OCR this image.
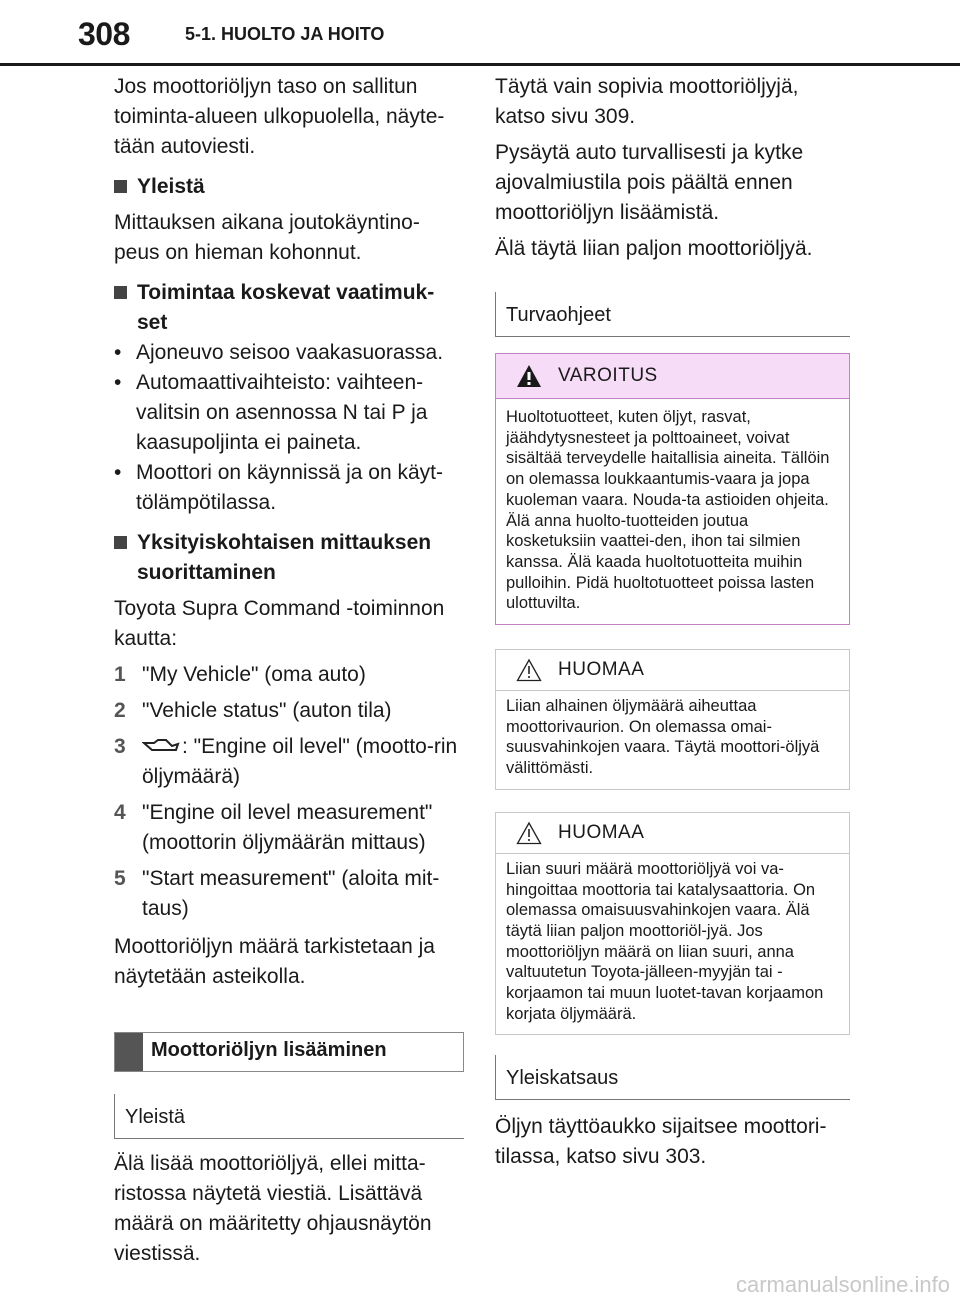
308	5-1. HUOLTO JA HOITO

Jos moottoriöljyn taso on sallitun toiminta-alueen ulkopuolella, näyte-tään autoviesti.

Yleistä

Mittauksen aikana joutokäyntino-peus on hieman kohonnut.

Toimintaa koskevat vaatimuk-set
• Ajoneuvo seisoo vaakasuorassa.
• Automaattivaihteisto: vaihteen-valitsin on asennossa N tai P ja kaasupoljinta ei paineta.
• Moottori on käynnissä ja on käyt-tölämpötilassa.
Yksityiskohtaisen mittauksen suorittaminen

Toyota Supra Command -toiminnon kautta:

1 "My Vehicle" (oma auto)
2 "Vehicle status" (auton tila)
3	: "Engine oil level" (mootto-rin öljymäärä)
4 "Engine oil level measurement" (moottorin öljymäärän mittaus)
5 "Start measurement" (aloita mit-taus)

Moottoriöljyn määrä tarkistetaan ja näytetään asteikolla.

Moottoriöljyn lisääminen
Yleistä

Älä lisää moottoriöljyä, ellei mitta-ristossa näytetä viestiä. Lisättävä määrä on määritetty ohjausnäytön viestissä.

Täytä vain sopivia moottoriöljyjä, katso sivu 309.

Pysäytä auto turvallisesti ja kytke ajovalmiustila pois päältä ennen moottoriöljyn lisäämistä.

Älä täytä liian paljon moottoriöljyä.

Turvaohjeet
VAROITUS
Huoltotuotteet, kuten öljyt, rasvat, jäähdytysnesteet ja polttoaineet, voivat sisältää terveydelle haitallisia aineita. Tällöin on olemassa loukkaantumis-vaara ja jopa kuoleman vaara. Nouda-ta astioiden ohjeita. Älä anna huolto-tuotteiden joutua kosketuksiin vaattei-den, ihon tai silmien kanssa. Älä kaada huoltotuotteita muihin pulloihin. Pidä huoltotuotteet poissa lasten ulottuvilta.
HUOMAA
Liian alhainen öljymäärä aiheuttaa moottorivaurion. On olemassa omai-suusvahinkojen vaara. Täytä moottori-öljyä välittömästi.
HUOMAA
Liian suuri määrä moottoriöljyä voi va-hingoittaa moottoria tai katalysaattoria. On olemassa omaisuusvahinkojen vaara. Älä täytä liian paljon moottoriöl-jyä. Jos moottoriöljyn määrä on liian suuri, anna valtuutetun Toyota-jälleen-myyjän tai -korjaamon tai muun luotet-tavan korjaamon korjata öljymäärä.
Yleiskatsaus

Öljyn täyttöaukko sijaitsee moottori-tilassa, katso sivu 303.

carmanualsonline.info
